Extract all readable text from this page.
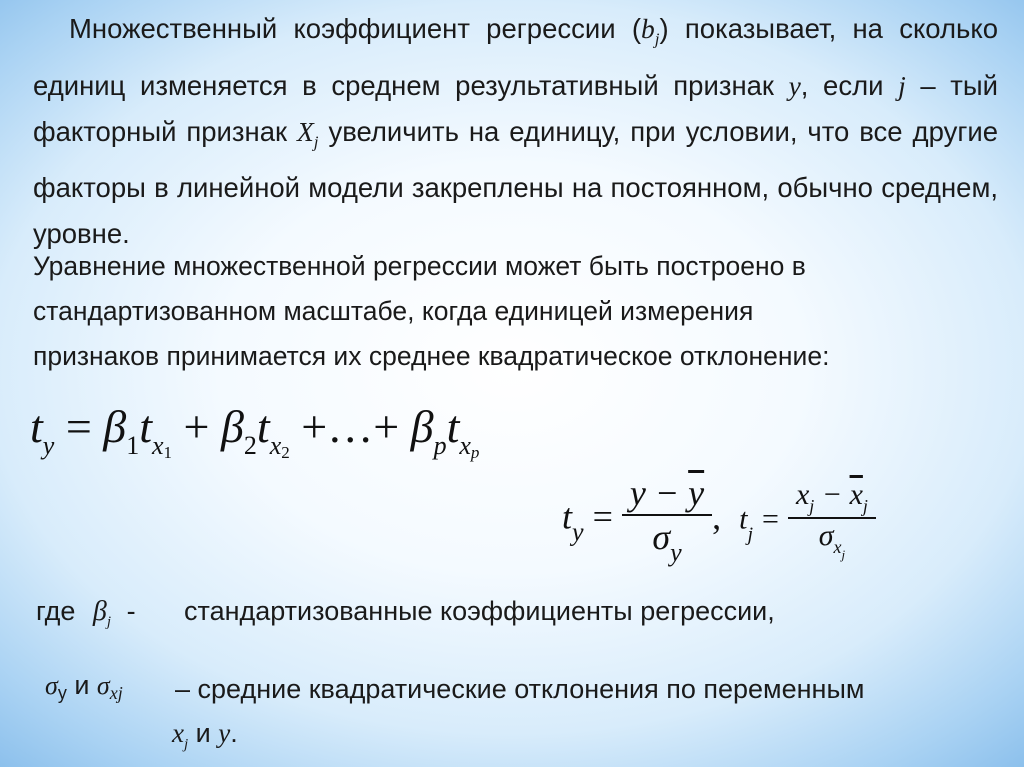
Множественный коэффициент регрессии $(b_j)$ показывает, на сколько единиц изменяется в среднем результативный признак y, если j – тый факторный признак $X_j$ увеличить на единицу, при условии, что все другие факторы в линейной модели закреплены на постоянном, обычно среднем, уровне.
Уравнение множественной регрессии может быть построено в
стандартизованном масштабе, когда единицей измерения
признаков принимается их среднее квадратическое отклонение:
$t_y = \beta_1t_{x1} + \beta_2t_{x2}$ +…+ $\beta_pt_{xp}$
$t_y = \frac{y - \overline{y}}{\sigma_y}$ , $t_j = \frac{x_j - \overline{x}_j}{\sigma_{xj}}$
где $\beta_j$ - стандартизованные коэффициенты регрессии,
σy и σxj – средние квадратические отклонения по переменным
$x_j$ и y.
